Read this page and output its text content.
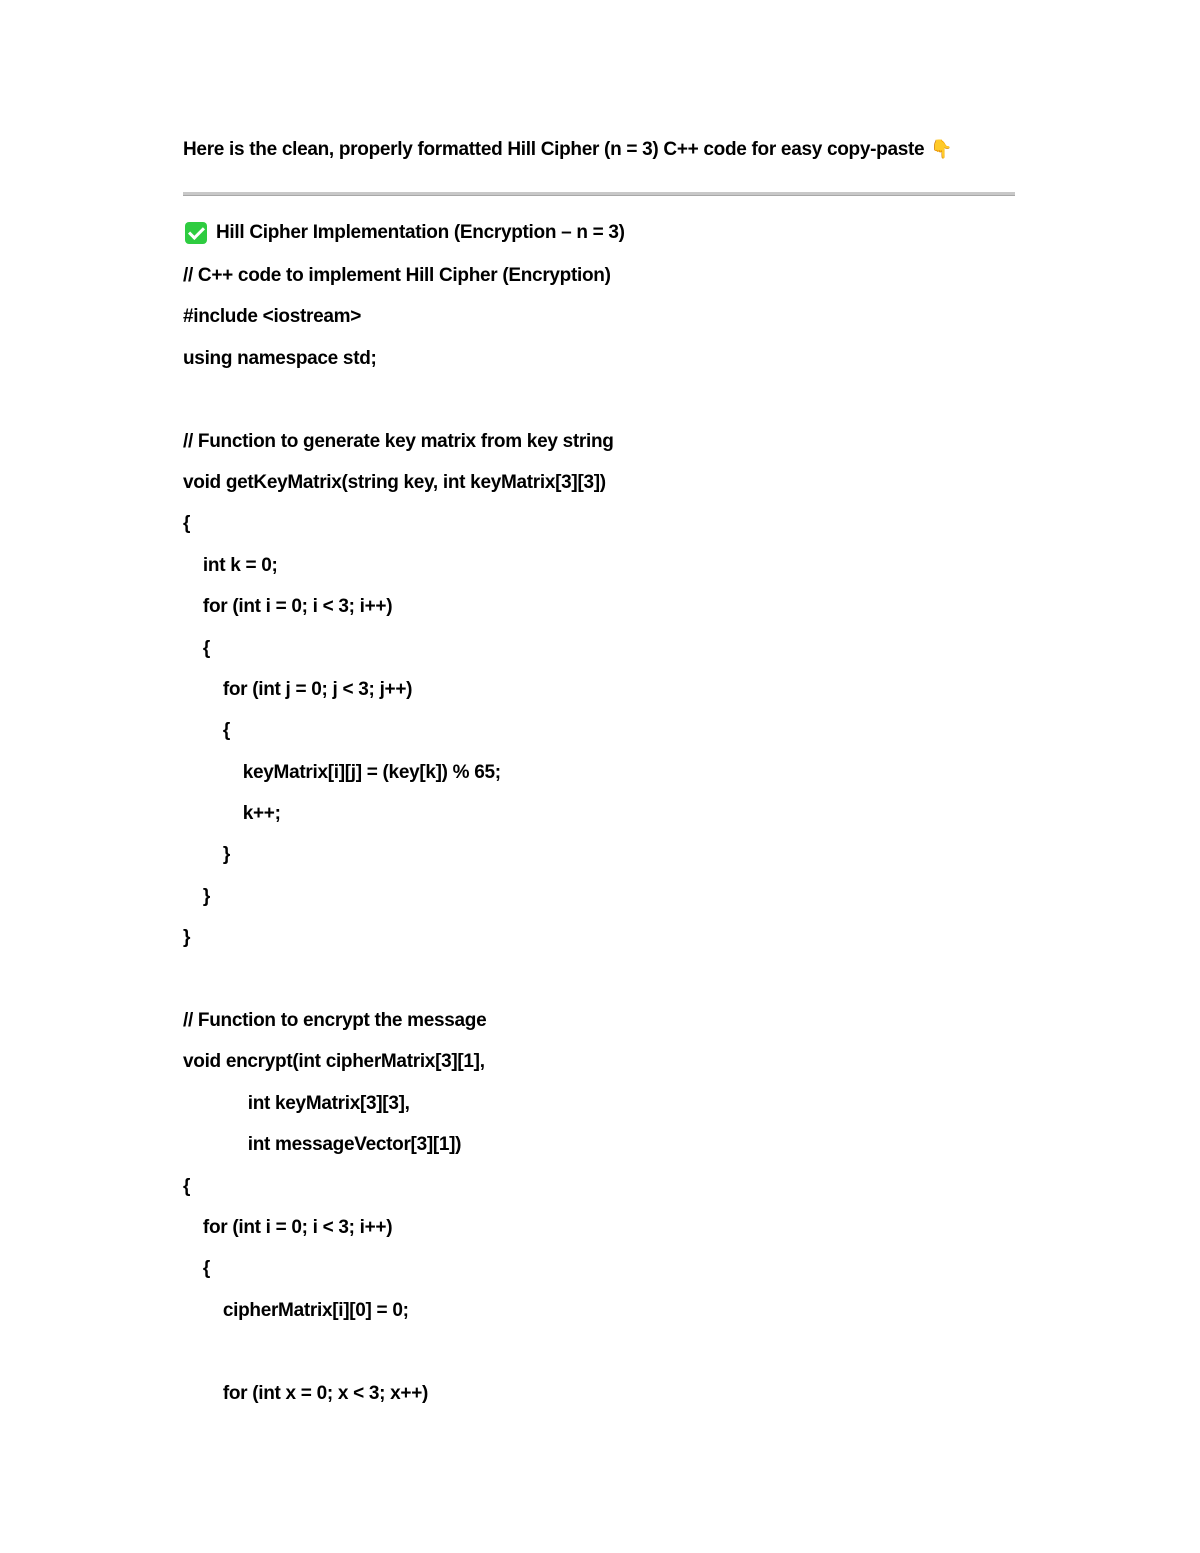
Here is the clean, properly formatted Hill Cipher (n = 3) C++ code for easy copy-paste 👇
Hill Cipher Implementation (Encryption – n = 3)
// C++ code to implement Hill Cipher (Encryption)
#include <iostream>
using namespace std;
// Function to generate key matrix from key string
void getKeyMatrix(string key, int keyMatrix[3][3])
{
int k = 0;
for (int i = 0; i < 3; i++)
{
for (int j = 0; j < 3; j++)
{
keyMatrix[i][j] = (key[k]) % 65;
k++;
}
}
}
// Function to encrypt the message
void encrypt(int cipherMatrix[3][1],
int keyMatrix[3][3],
int messageVector[3][1])
{
for (int i = 0; i < 3; i++)
{
cipherMatrix[i][0] = 0;
for (int x = 0; x < 3; x++)
